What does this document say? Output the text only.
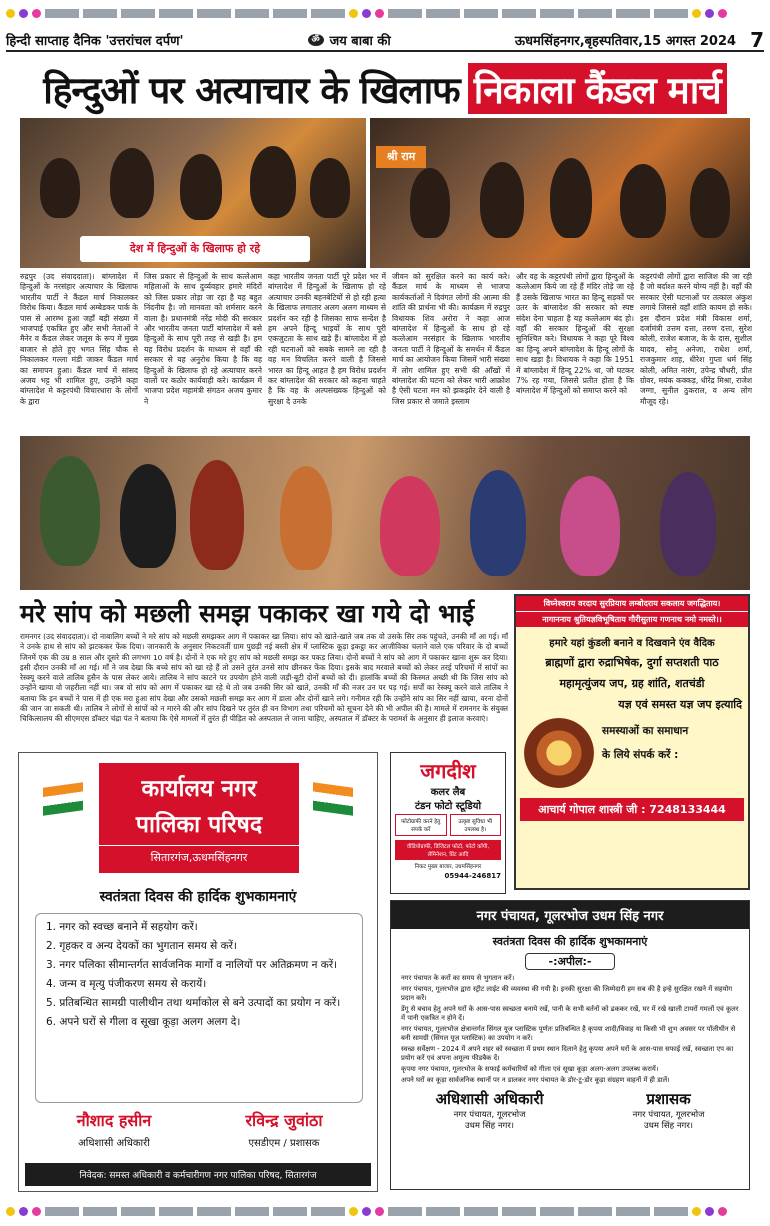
हिन्दी साप्ताह दैनिक 'उत्तरांचल दर्पण'	ॐ जय बाबा की	ऊधमसिंहनगर,बृहस्पतिवार,15 अगस्त 2024 7
हिन्दुओं पर अत्याचार के खिलाफ निकाला कैंडल मार्च
देश में हिन्दुओं के खिलाफ हो रहे
श्री राम
रुद्रपुर (उद संवाददाता)। बांग्लादेश में हिन्दुओं के नरसंहार अत्याचार के खिलाफ भारतीय पार्टी ने कैंडल मार्च निकालकर विरोध किया। कैंडल मार्च अम्बेडकर पार्क के पास से आरम्भ हुआ जहाँ बड़ी संख्या में भाजपाई एकत्रित हुए और सभी नेताओं ने मैनेर व कैंडल लेकर जलूस के रूप में मुख्य बाजार से होते हुए भगत सिंह चौक से निकालकर गल्ला मंडी जाकर कैंडल मार्च का समापन हुआ। कैंडल मार्च में सांसद अजय भट्ट भी शामिल हुए, उन्होंने कहा बांग्लादेश मे कट्टरपंथी विचारधारा के लोगों के द्वारा
जिस प्रकार से हिन्दुओं के साथ कत्लेआम महिलाओं के साथ दुर्व्यवहार हमारे मंदिरों को जिस प्रकार तोड़ा जा रहा है यह बहुत निंदनीय है। जो मानवता को शर्मसार करने वाला है। प्रधानमंत्री नरेंद्र मोदी की सरकार और भारतीय जनता पार्टी बांग्लादेश में बसे हिन्दुओं के साथ पूरी तरह से खड़ी है। हम यह विरोध प्रदर्शन के माध्यम से वहाँ की सरकार से यह अनुरोध किया है कि वह हिन्दुओं के खिलाफ हो रहे अत्याचार करने वालों पर कठोर कार्यवाही करे। कार्यक्रम में भाजपा प्रदेश महामंत्री संगठन अजय कुमार ने
कहा भारतीय जनता पार्टी पूरे प्रदेश भर में बांग्लादेश में हिन्दुओं के खिलाफ हो रहे अत्याचार उनकी बहनबेटियों से हो रही हत्या के खिलाफ लगातार अलग अलग माध्यम से प्रदर्शन कर रही है जिसका साफ सन्देश है हम अपने हिन्दू भाइयों के साथ पूरी एकजुटता के साथ खड़े हैं। बांग्लादेश में हो रही घटनाओं को सबके सामने ला रही है वह मन विचलित करने वाली है जिससे भारत का हिन्दू आहत है हम विरोध प्रदर्शन कर बांग्लादेश की सरकार को कहना चाहते है कि वह के अल्पसंख्यक हिन्दुओं को सुरक्षा दे उनके
जीवन को सुरक्षित करने का कार्य करे। कैंडल मार्च के माध्यम से भाजपा कार्यकर्ताओं ने दिवंगत लोगों की आत्मा की शांति की प्रार्थना भी की। कार्यक्रम में रुद्रपुर विधायक शिव अरोरा ने कहा आज बांग्लादेश में हिन्दुओं के साथ हो रहे कत्लेआम नरसंहार के खिलाफ भारतीय जनता पार्टी ने हिन्दुओं के समर्थन में कैंडल मार्च का आयोजन किया जिसमें भारी संख्या में लोग शामिल हुए सभी की आँखों में बांग्लादेश की घटना को लेकर भारी आक्रोश है ऐसी घटना मन को झकझोर देने वाली है जिस प्रकार से जमाते इस्लाम
और वह के कट्टरपंथी लोगों द्वारा हिन्दुओं के कत्लेआम किये जा रहे हैं मंदिर तोड़े जा रहे हैं उसके खिलाफ भारत का हिन्दू सड़कों पर उतर के बांग्लादेश की सरकार को स्पष्ट संदेश देना चाहता है यह कत्लेआम बंद हो। वहाँ की सरकार हिन्दुओं की सुरक्षा सुनिश्चित करे। विधायक ने कहा पूरे विश्व का हिन्दू अपने बांग्लादेश के हिन्दू लोगों के साथ खड़ा है। विधायक ने कहा कि 1951 में बांग्लादेश में हिन्दू 22% था, जो घटकर 7% रह गया, जिससे प्रतीत होता है कि बांग्लादेश में हिन्दुओं को समाप्त करने को
कट्टरपंथी लोगों द्वारा साजिश की जा रही है जो बर्दाश्त करने योग्य नहीं है। वहाँ की सरकार ऐसी घटनाओं पर तत्काल अंकुश लगाये जिससे वहाँ शांति कायम हो सके। इस दौरान प्रदेश मंत्री विकास शर्मा, दर्जामंत्री उत्तम दत्ता, तरुण दत्ता, सुरेश कोली, राजेश बजाज, के के दास, सुशील यादव, सोनू अनेजा, राधेश शर्मा, राजकुमार शाह, धीरेश गुप्ता धर्म सिंह कोली, अमित नारंग, उपेन्द्र चौधरी, प्रीत ग्रोवर, मयंक कक्कड़, धीरेंद्र मिश्रा, राजेश जग्गा, सुनील ठुकराल, व अन्य लोग मौजूद रहे।
मरे सांप को मछली समझ पकाकर खा गये दो भाई
रामनगर (उद संवाददाता)। दो नाबालिग बच्चों ने मरे सांप को मछली समझकर आग में पकाकर खा लिया। सांप को खाते-खाते जब तक वो उसके सिर तक पहुंचते, उनकी माँ आ गई। माँ ने उनके हाथ से सांप को झटककर फेंक दिया। जानकारी के अनुसार निकटवर्ती ग्राम पुछड़ी नई बस्ती क्षेत्र में प्लास्टिक कूड़ा इकट्ठा कर आजीविका चलाने वाले एक परिवार के दो बच्चों जिनमें एक की उम्र 8 साल और दूसरे की लगभग 10 वर्ष है। दोनों ने एक मरे हुए सांप को मछली समझ कर पकड़ लिया। दोनों बच्चों ने सांप को आग में पकाकर खाना शुरू कर दिया। इसी दौरान उनकी माँ आ गई। माँ ने जब देखा कि बच्चे सांप को खा रहे हैं तो उसने तुरंत उनसे सांप छीनकर फेंक दिया। इसके बाद मरवाले बच्चों को लेकर तरई परिचमों में सांपों का रेस्क्यू करने वाले तालिब हुसैन के पास लेकर आये। तालिब ने सांप काटने पर उपयोग होने वाली जड़ी-बूटी दोनों बच्चों को दी। हालांकि बच्चों की किस्मत अच्छी थी कि जिस सांप को उन्होंने खाया वो जहरीला नहीं था। जब वो सांप को आग में पकाकर खा रहे थे तो जब उनकी सिर को खाते, उनकी माँ की नजर उन पर पड़ गई। सर्पों का रेस्क्यू करने वाले तालिब ने बताया कि इन बच्चों ने पास में ही एक मरा हुआ सांप देखा और उसको मछली समझ कर आग में डाला और दोनों खाने लगे। गनीमत रही कि उन्होंने सांप का सिर नहीं खाया, वरना दोनों की जान जा सकती थी। तालिब ने लोगों से सांपों को न मारने की और सांप दिखने पर तुरंत ही वन विभाग तथा परिचमों को सूचना देने की भी अपील की है। मामले में रामनगर के संयुक्त चिकित्सालय की सीएमएस डॉक्टर चंद्रा पंत ने बताया कि ऐसे मामलों में तुरंत ही पीड़ित को अस्पताल ले जाना चाहिए, अस्पताल में डॉक्टर के परामर्श के अनुसार ही इलाज करवाएं।
विघ्नेश्वराय वरदाय सुरप्रियाय लम्बोदराय सकलाय जगद्धिताय।
नागाननाय श्रुतियज्ञविभूषिताय गौरीसुताय गणनाथ नमो नमस्ते।।
हमारे यहां कुंडली बनाने व दिखवाने एंव वैदिक
ब्राह्मणों द्वारा रुद्राभिषेक, दुर्गा सप्तशती पाठ
महामृत्युंजय जप, ग्रह शांति, शतचंडी
यज्ञ एवं समस्त यज्ञ जप इत्यादि
समस्याओं का समाधान
के लिये संपर्क करें :
आचार्य गोपाल शास्त्री जी : 7248133444
कार्यालय नगर
पालिका परिषद
सितारगंज,ऊधमसिंहनगर
स्वतंत्रता दिवस की हार्दिक शुभकामनाएं
1. नगर को स्वच्छ बनाने में सहयोग करें।
2. गृहकर व अन्य देयकों का भुगतान समय से करें।
3. नगर पलिका सीमान्तर्गत सार्वजनिक मार्गो व नालियों पर अतिक्रमण न करें।
4. जन्म व मृत्यु पंजीकरण समय से करायें।
5. प्रतिबन्धित सामग्री पालीथीन तथा थर्माकोल से बने उत्पादों का प्रयोग न करें।
6. अपने घरों से गीला व सूखा कूड़ा अलग अलग दे।
नौशाद हसीन
अधिशासी अधिकारी
रविन्द्र जुवांठा
एसडीएम / प्रशासक
निवेदक: समस्त अधिकारी व कर्मचारीगण नगर पालिका परिषद, सितारगंज
जगदीश
कलर लैब
टंडन फोटो स्टूडियो
फोटोग्राफी करने हेतु संपर्क करें
उत्कृष्ट सुविधा भी उपलब्ध है।
वीडियोग्राफी, डिजिटल फोटो, फोटो कॉपी, लेमिनेशन, प्रिंट आदि
निकट मुख्य बाजार, उधमसिंहनगर
05944-246817
नगर पंचायत, गूलरभोज उधम सिंह नगर
स्वतंत्रता दिवस की हार्दिक शुभकामनाएं
-:अपील:-
नगर पंचायत के करों का समय से भुगतान करें।
नगर पंचायत, गूलरभोज द्वारा स्ट्रीट लाईट की व्यवस्था की गयी है। इनकी सुरक्षा की जिम्मेदारी हम सब की है इन्हे सुरक्षित रखने में सहयोग प्रदान करें।
डेंगू से बचाव हेतु अपने घरों के आस-पास स्वच्छता बनाये रखें, पानी के सभी बर्तनों को ढककर रखें, घर में रखे खाली टायरों गमलों एवं कूलर में पानी एकत्रित न होने दें।
नगर पंचायत, गूलरभोज क्षेत्रान्तर्गत सिंगल यूज प्लास्टिक पूर्णतः प्रतिबन्धित है कृपया शादी/विवाह या किसी भी शुभ अवसर पर पॉलीथीन से बनी सामग्री (सिंगल यूज़ प्लास्टिक) का उपयोग न करें।
स्वच्छ सर्वेक्षण - 2024 में अपने शहर को स्वच्छता में प्रथम स्थान दिलाने हेतु कृपया अपने घरों के आस-पास सफाई रखें, स्वच्छता एप का प्रयोग करें एवं अपना अमूल्य फीडबैक दें।
कृपया नगर पंचायत, गूलरभोज के सफाई कर्मचारियों को गीला एवं सूखा कूड़ा अलग-अलग उपलब्ध करायें।
अपने घरों का कूड़ा सार्वजनिक स्थानों पर न डालकर नगर पंचायत के डोर-टू-डोर कूड़ा संग्रहण वाहनों में ही डालें।
अधिशासी अधिकारी
नगर पंचायत, गूलरभोज
उधम सिंह नगर।
प्रशासक
नगर पंचायत, गूलरभोज
उधम सिंह नगर।
